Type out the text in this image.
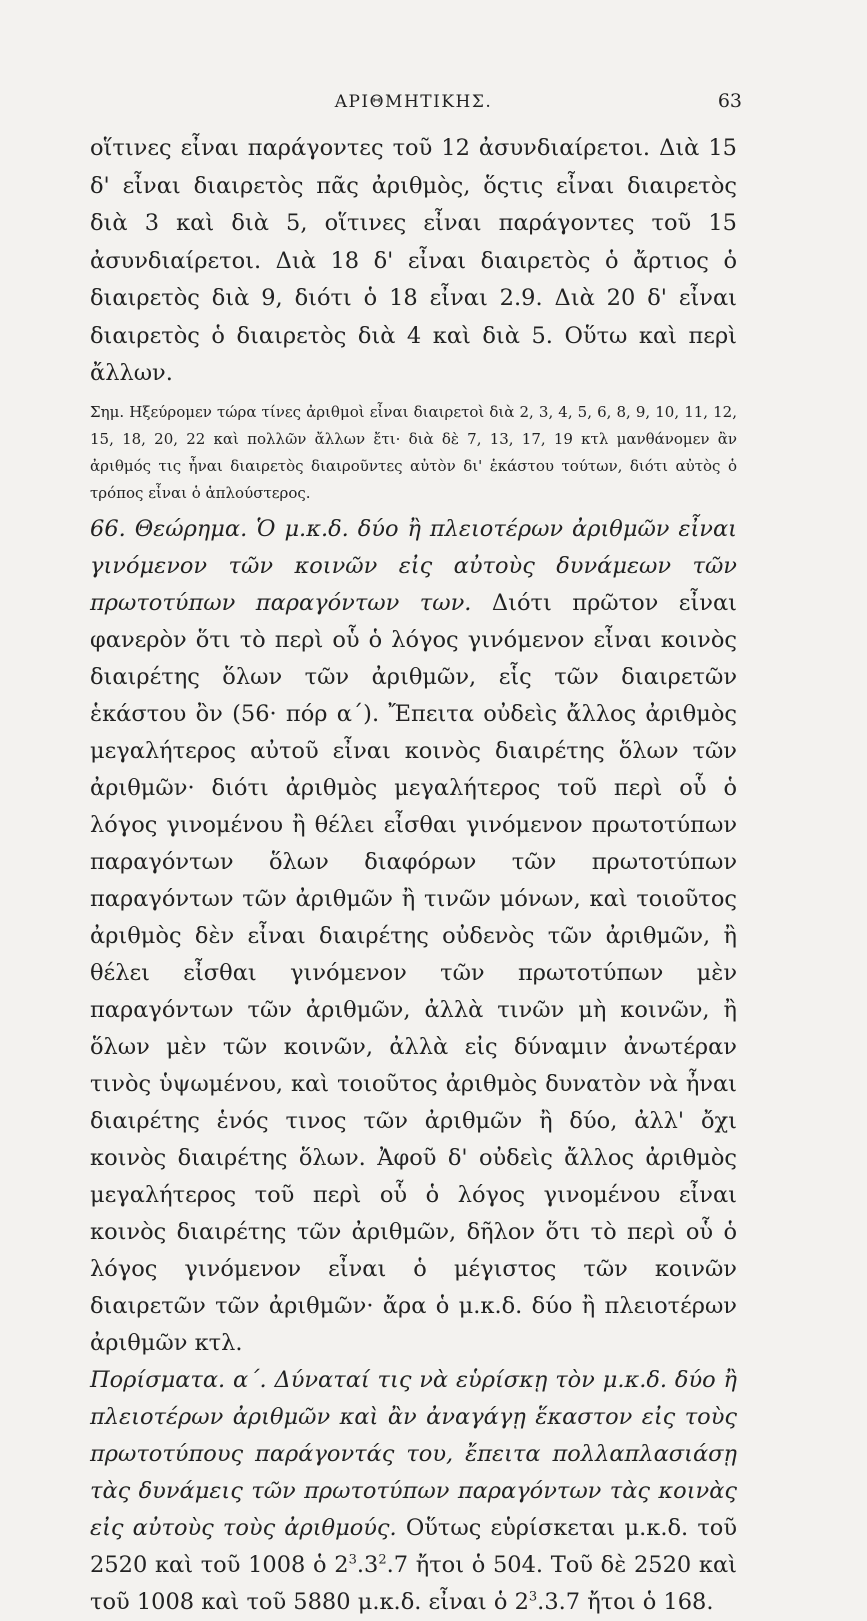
ΑΡΙΘΜΗΤΙΚΗΣ.	63

οἵτινες εἶναι παράγοντες τοῦ 12 ἀσυνδιαίρετοι. Διὰ 15 δ' εἶναι διαιρετὸς πᾶς ἀριθμὸς, ὅςτις εἶναι διαιρετὸς διὰ 3 καὶ διὰ 5, οἵτινες εἶναι παράγοντες τοῦ 15 ἀσυνδιαίρετοι. Διὰ 18 δ' εἶναι διαιρετὸς ὁ ἄρτιος ὁ διαιρετὸς διὰ 9, διότι ὁ 18 εἶναι 2.9. Διὰ 20 δ' εἶναι διαιρετὸς ὁ διαιρετὸς διὰ 4 καὶ διὰ 5. Οὕτω καὶ περὶ ἄλλων.

Σημ. Ηξεύρομεν τώρα τίνες ἀριθμοὶ εἶναι διαιρετοὶ διὰ 2, 3, 4, 5, 6, 8, 9, 10, 11, 12, 15, 18, 20, 22 καὶ πολλῶν ἄλλων ἔτι· διὰ δὲ 7, 13, 17, 19 κτλ μανθάνομεν ἂν ἀριθμός τις ἦναι διαιρετὸς διαιροῦντες αὐτὸν δι' ἑκάστου τούτων, διότι αὐτὸς ὁ τρόπος εἶναι ὁ ἁπλούστερος.

66. Θεώρημα. Ὁ μ.κ.δ. δύο ἢ πλειοτέρων ἀριθμῶν εἶναι γινόμενον τῶν κοινῶν εἰς αὐτοὺς δυνάμεων τῶν πρωτοτύπων παραγόντων των. Διότι πρῶτον εἶναι φανερὸν ὅτι τὸ περὶ οὗ ὁ λόγος γινόμενον εἶναι κοινὸς διαιρέτης ὅλων τῶν ἀριθμῶν, εἷς τῶν διαιρετῶν ἑκάστου ὂν (56· πόρ α΄). Ἔπειτα οὐδεὶς ἄλλος ἀριθμὸς μεγαλήτερος αὐτοῦ εἶναι κοινὸς διαιρέτης ὅλων τῶν ἀριθμῶν· διότι ἀριθμὸς μεγαλήτερος τοῦ περὶ οὗ ὁ λόγος γινομένου ἢ θέλει εἶσθαι γινόμενον πρωτοτύπων παραγόντων ὅλων διαφόρων τῶν πρωτοτύπων παραγόντων τῶν ἀριθμῶν ἢ τινῶν μόνων, καὶ τοιοῦτος ἀριθμὸς δὲν εἶναι διαιρέτης οὐδενὸς τῶν ἀριθμῶν, ἢ θέλει εἶσθαι γινόμενον τῶν πρωτοτύπων μὲν παραγόντων τῶν ἀριθμῶν, ἀλλὰ τινῶν μὴ κοινῶν, ἢ ὅλων μὲν τῶν κοινῶν, ἀλλὰ εἰς δύναμιν ἀνωτέραν τινὸς ὑψωμένου, καὶ τοιοῦτος ἀριθμὸς δυνατὸν νὰ ἦναι διαιρέτης ἑνός τινος τῶν ἀριθμῶν ἢ δύο, ἀλλ' ὄχι κοινὸς διαιρέτης ὅλων. Ἀφοῦ δ' οὐδεὶς ἄλλος ἀριθμὸς μεγαλήτερος τοῦ περὶ οὗ ὁ λόγος γινομένου εἶναι κοινὸς διαιρέτης τῶν ἀριθμῶν, δῆλον ὅτι τὸ περὶ οὗ ὁ λόγος γινόμενον εἶναι ὁ μέγιστος τῶν κοινῶν διαιρετῶν τῶν ἀριθμῶν· ἄρα ὁ μ.κ.δ. δύο ἢ πλειοτέρων ἀριθμῶν κτλ.

Πορίσματα. α΄. Δύναταί τις νὰ εὑρίσκῃ τὸν μ.κ.δ. δύο ἢ πλειοτέρων ἀριθμῶν καὶ ἂν ἀναγάγῃ ἕκαστον εἰς τοὺς πρωτοτύπους παράγοντάς του, ἔπειτα πολλαπλασιάσῃ τὰς δυνάμεις τῶν πρωτοτύπων παραγόντων τὰς κοινὰς εἰς αὐτοὺς τοὺς ἀριθμούς. Οὕτως εὑρίσκεται μ.κ.δ. τοῦ 2520 καὶ τοῦ 1008 ὁ $2^3.3^2.7$ ἤτοι ὁ 504. Τοῦ δὲ 2520 καὶ τοῦ 1008 καὶ τοῦ 5880 μ.κ.δ. εἶναι ὁ $2^3.3.7$ ἤτοι ὁ 168.
